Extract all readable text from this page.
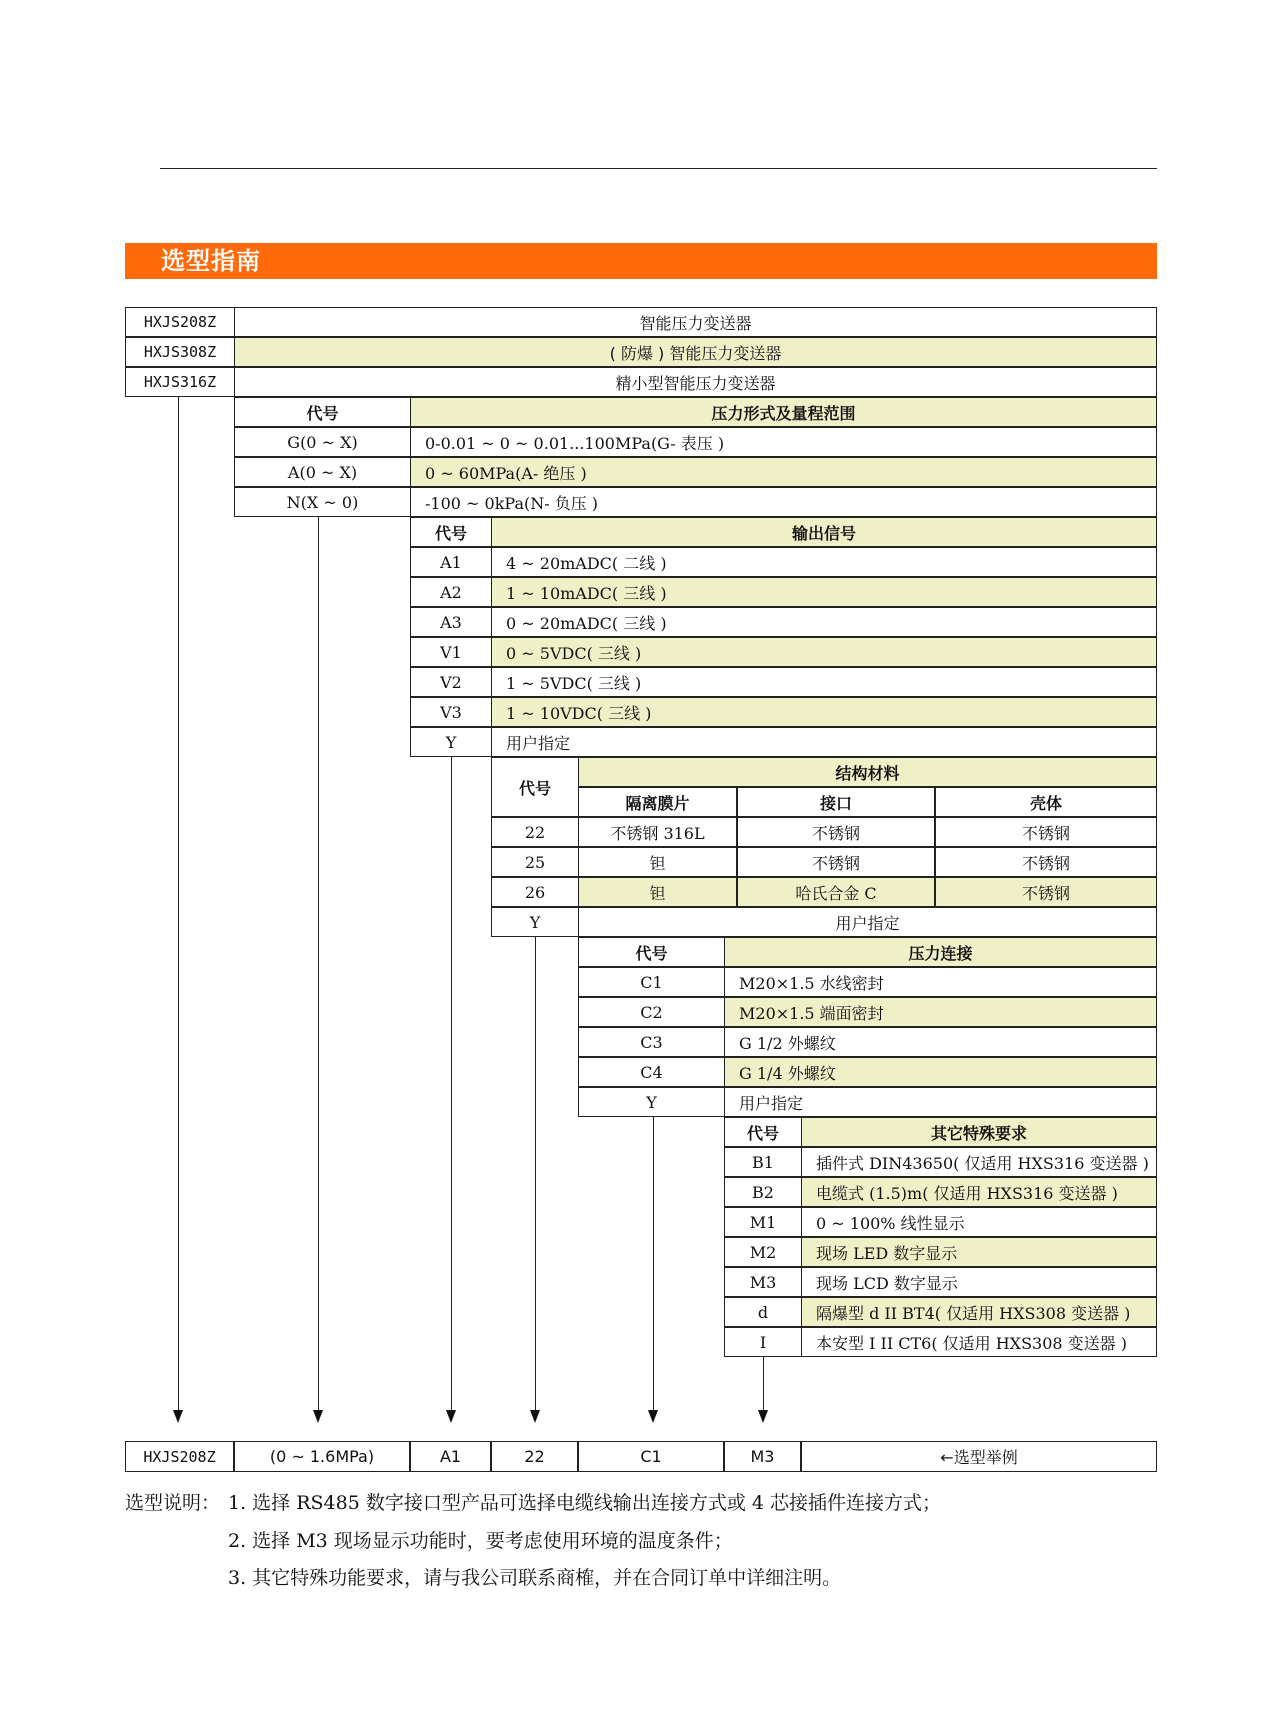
选型指南
HXJS208Z	智能压力变送器
HXJS308Z	( 防爆 ) 智能压力变送器
HXJS316Z	精小型智能压力变送器
代号	压力形式及量程范围
G(0 ~ X)	0-0.01 ~ 0 ~ 0.01...100MPa(G- 表压 )
A(0 ~ X)	0 ~ 60MPa(A- 绝压 )
N(X ~ 0)	-100 ~ 0kPa(N- 负压 )
代号	输出信号
A1	4 ~ 20mADC( 二线 )
A2	1 ~ 10mADC( 三线 )
A3	0 ~ 20mADC( 三线 )
V1	0 ~ 5VDC( 三线 )
V2	1 ~ 5VDC( 三线 )
V3	1 ~ 10VDC( 三线 )
Y	用户指定
代号
结构材料
隔离膜片	接口	壳体
22	不锈钢 316L	不锈钢	不锈钢
25	钽	不锈钢	不锈钢
26	钽	哈氏合金 C	不锈钢
Y	用户指定
代号	压力连接
C1	M20×1.5 水线密封
C2	M20×1.5 端面密封
C3	G 1/2 外螺纹
C4	G 1/4 外螺纹
Y	用户指定
代号	其它特殊要求
B1	插件式 DIN43650( 仅适用 HXS316 变送器 )
B2	电缆式 (1.5)m( 仅适用 HXS316 变送器 )
M1	0 ~ 100% 线性显示
M2	现场 LED 数字显示
M3	现场 LCD 数字显示
d	隔爆型 d II BT4( 仅适用 HXS308 变送器 )
I	本安型 I II CT6( 仅适用 HXS308 变送器 )
HXJS208Z	(0 ~ 1.6MPa)	A1	22	C1	M3	←选型举例
选型说明： 1. 选择 RS485 数字接口型产品可选择电缆线输出连接方式或 4 芯接插件连接方式；
2. 选择 M3 现场显示功能时，要考虑使用环境的温度条件；
3. 其它特殊功能要求，请与我公司联系商榷，并在合同订单中详细注明。
